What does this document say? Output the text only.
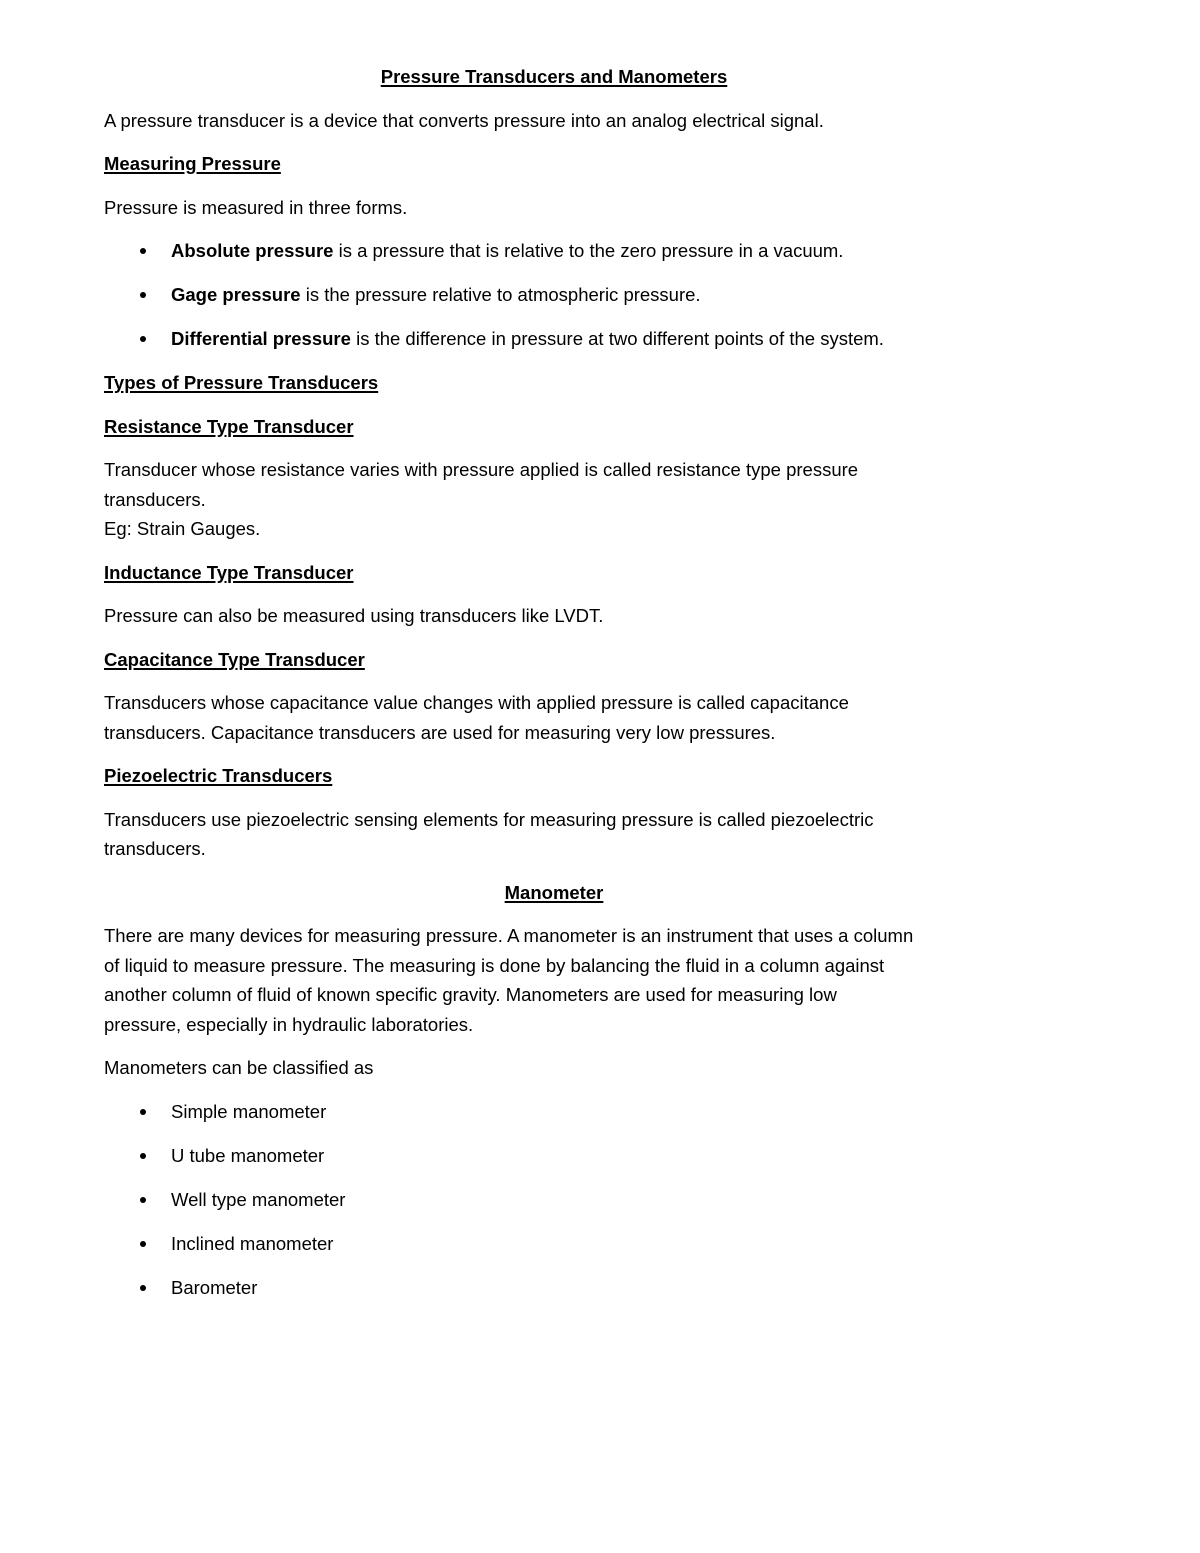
Pressure Transducers and Manometers
A pressure transducer is a device that converts pressure into an analog electrical signal.
Measuring Pressure
Pressure is measured in three forms.
Absolute pressure is a pressure that is relative to the zero pressure in a vacuum.
Gage pressure is the pressure relative to atmospheric pressure.
Differential pressure is the difference in pressure at two different points of the system.
Types of Pressure Transducers
Resistance Type Transducer
Transducer whose resistance varies with pressure applied is called resistance type pressure
transducers.
Eg: Strain Gauges.
Inductance Type Transducer
Pressure can also be measured using transducers like LVDT.
Capacitance Type Transducer
Transducers whose capacitance value changes with applied pressure is called capacitance
transducers. Capacitance transducers are used for measuring very low pressures.
Piezoelectric Transducers
Transducers use piezoelectric sensing elements for measuring pressure is called piezoelectric
transducers.
Manometer
There are many devices for measuring pressure. A manometer is an instrument that uses a column
of liquid to measure pressure. The measuring is done by balancing the fluid in a column against
another column of fluid of known specific gravity. Manometers are used for measuring low
pressure, especially in hydraulic laboratories.
Manometers can be classified as
Simple manometer
U tube manometer
Well type manometer
Inclined manometer
Barometer
